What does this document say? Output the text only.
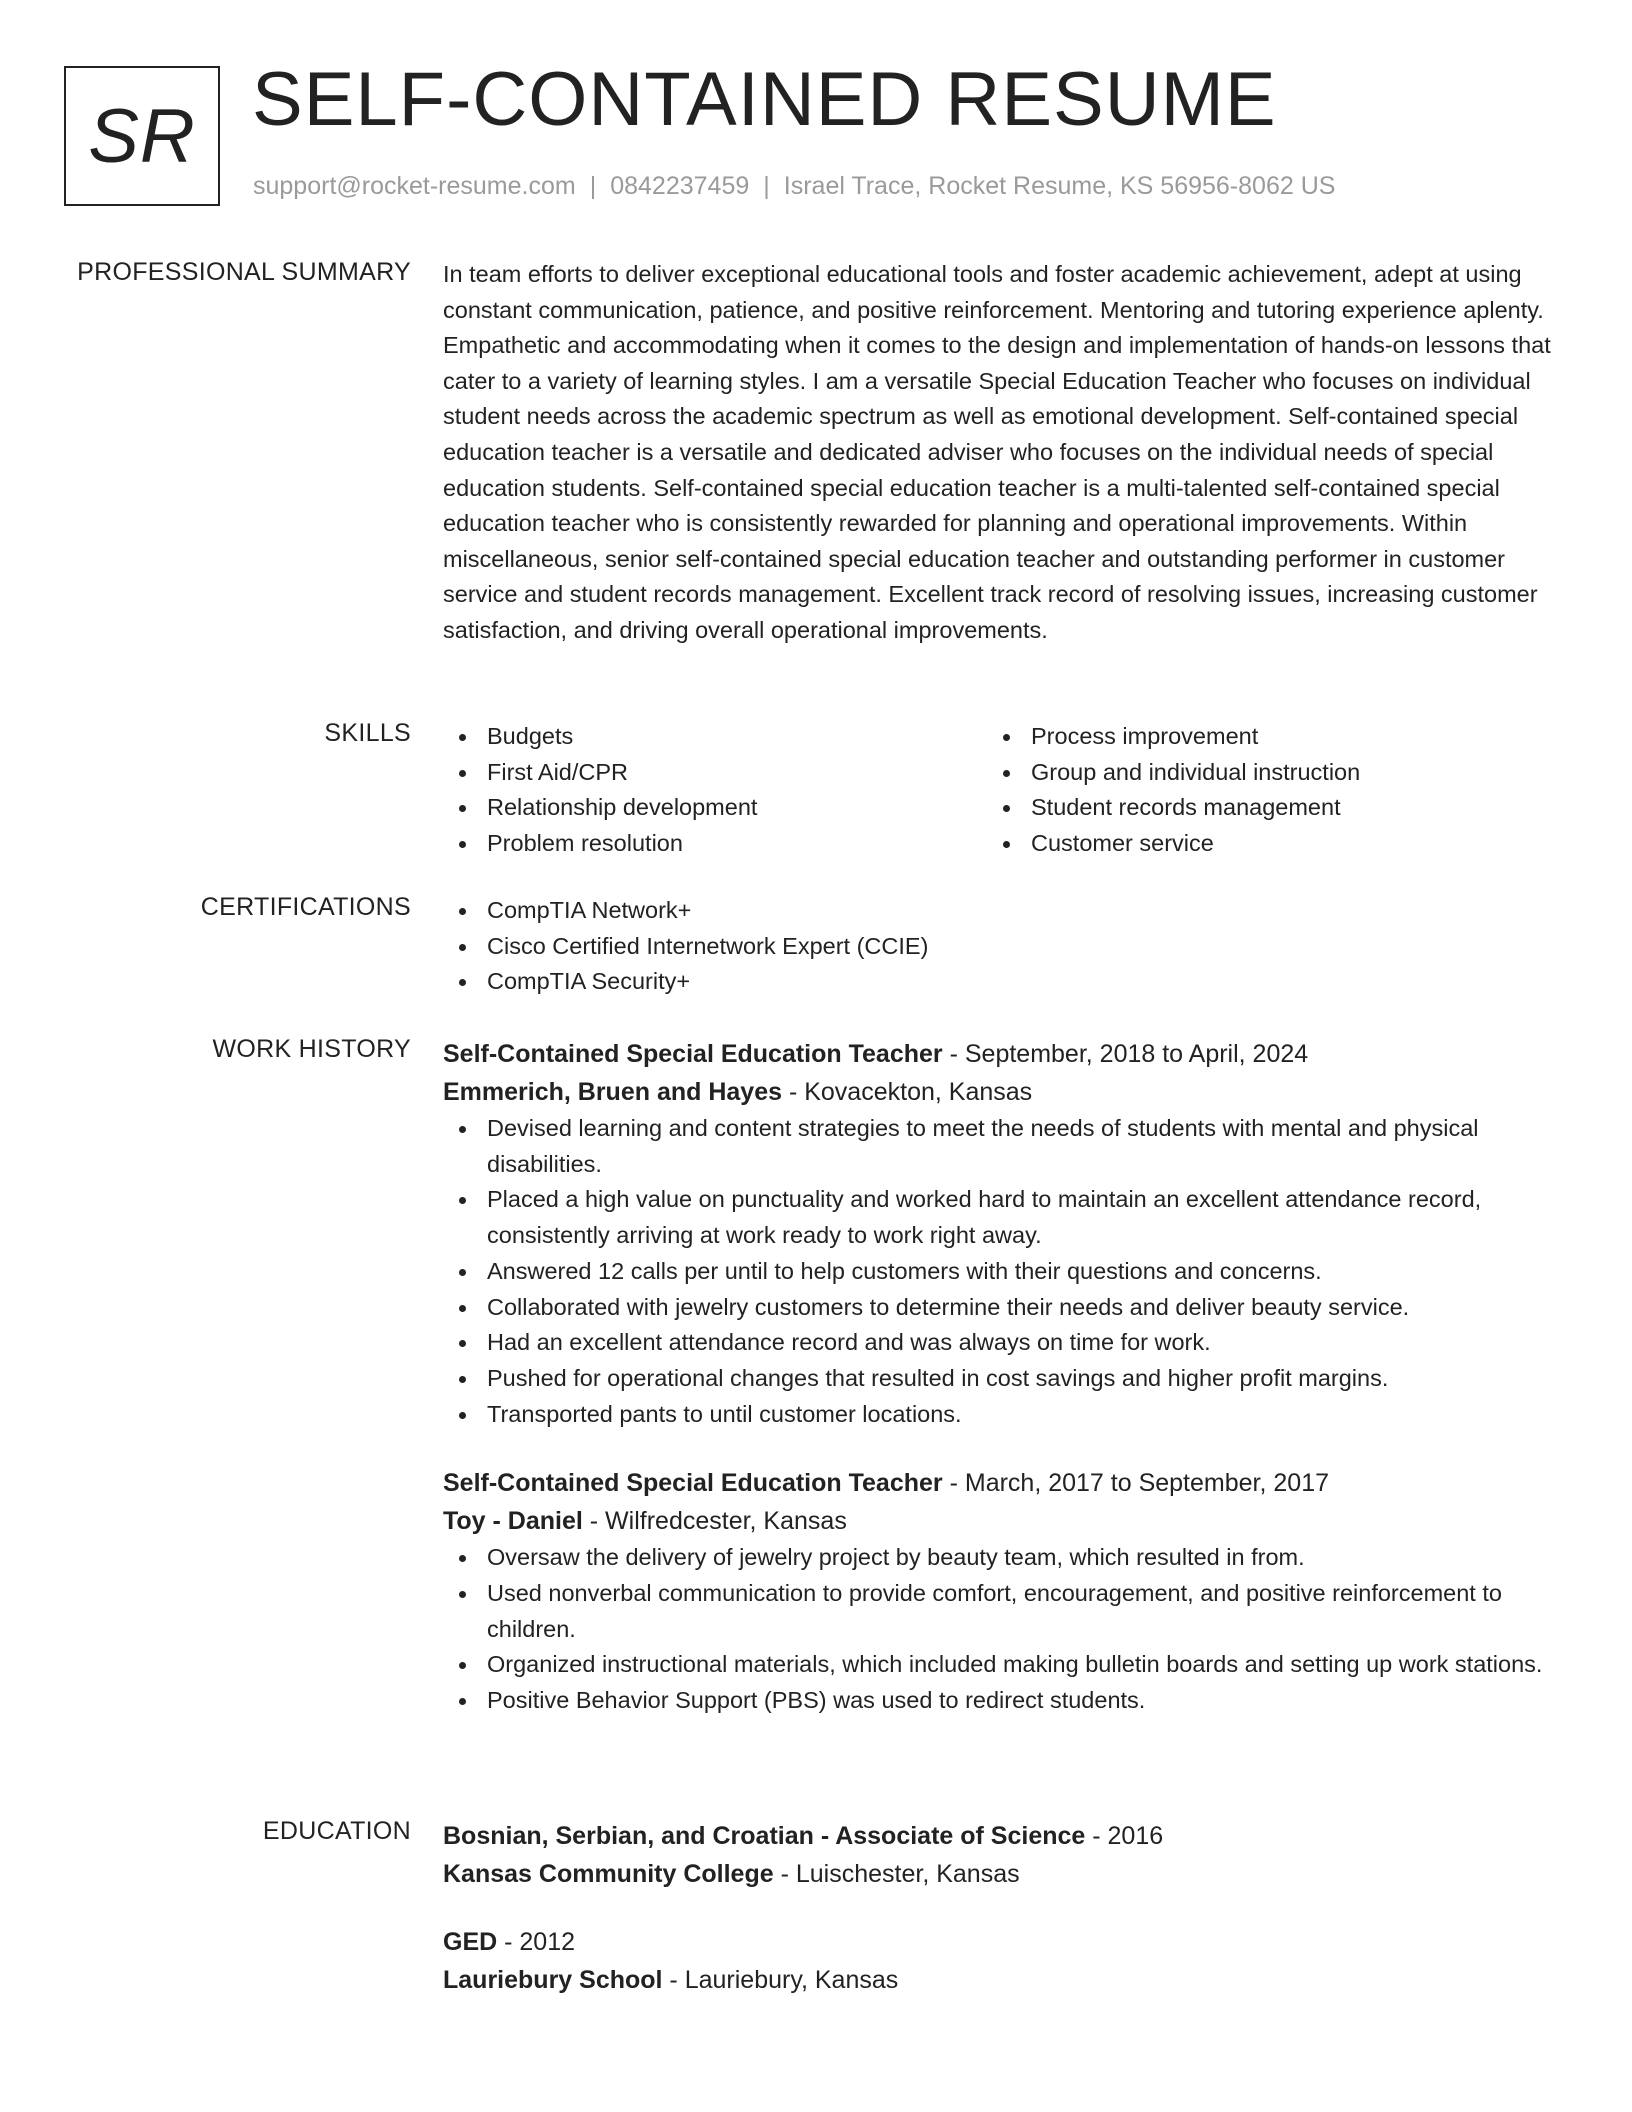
SR SELF-CONTAINED RESUME
support@rocket-resume.com | 0842237459 | Israel Trace, Rocket Resume, KS 56956-8062 US
PROFESSIONAL SUMMARY In team efforts to deliver exceptional educational tools and foster academic achievement, adept at using constant communication, patience, and positive reinforcement. Mentoring and tutoring experience aplenty. Empathetic and accommodating when it comes to the design and implementation of hands-on lessons that cater to a variety of learning styles. I am a versatile Special Education Teacher who focuses on individual student needs across the academic spectrum as well as emotional development. Self-contained special education teacher is a versatile and dedicated adviser who focuses on the individual needs of special education students. Self-contained special education teacher is a multi-talented self-contained special education teacher who is consistently rewarded for planning and operational improvements. Within miscellaneous, senior self-contained special education teacher and outstanding performer in customer service and student records management. Excellent track record of resolving issues, increasing customer satisfaction, and driving overall operational improvements.
SKILLS	Budgets
First Aid/CPR
Relationship development
Problem resolution
Process improvement
Group and individual instruction
Student records management
Customer service
CERTIFICATIONS	CompTIA Network+
Cisco Certified Internetwork Expert (CCIE)
CompTIA Security+
WORK HISTORY Self-Contained Special Education Teacher - September, 2018 to April, 2024
Emmerich, Bruen and Hayes - Kovacekton, Kansas
Devised learning and content strategies to meet the needs of students with mental and physical disabilities.
Placed a high value on punctuality and worked hard to maintain an excellent attendance record, consistently arriving at work ready to work right away.
Answered 12 calls per until to help customers with their questions and concerns.
Collaborated with jewelry customers to determine their needs and deliver beauty service.
Had an excellent attendance record and was always on time for work.
Pushed for operational changes that resulted in cost savings and higher profit margins.
Transported pants to until customer locations.
Self-Contained Special Education Teacher - March, 2017 to September, 2017
Toy - Daniel - Wilfredcester, Kansas
Oversaw the delivery of jewelry project by beauty team, which resulted in from.
Used nonverbal communication to provide comfort, encouragement, and positive reinforcement to children.
Organized instructional materials, which included making bulletin boards and setting up work stations.
Positive Behavior Support (PBS) was used to redirect students.
EDUCATION Bosnian, Serbian, and Croatian - Associate of Science - 2016
Kansas Community College - Luischester, Kansas
GED - 2012
Lauriebury School - Lauriebury, Kansas
